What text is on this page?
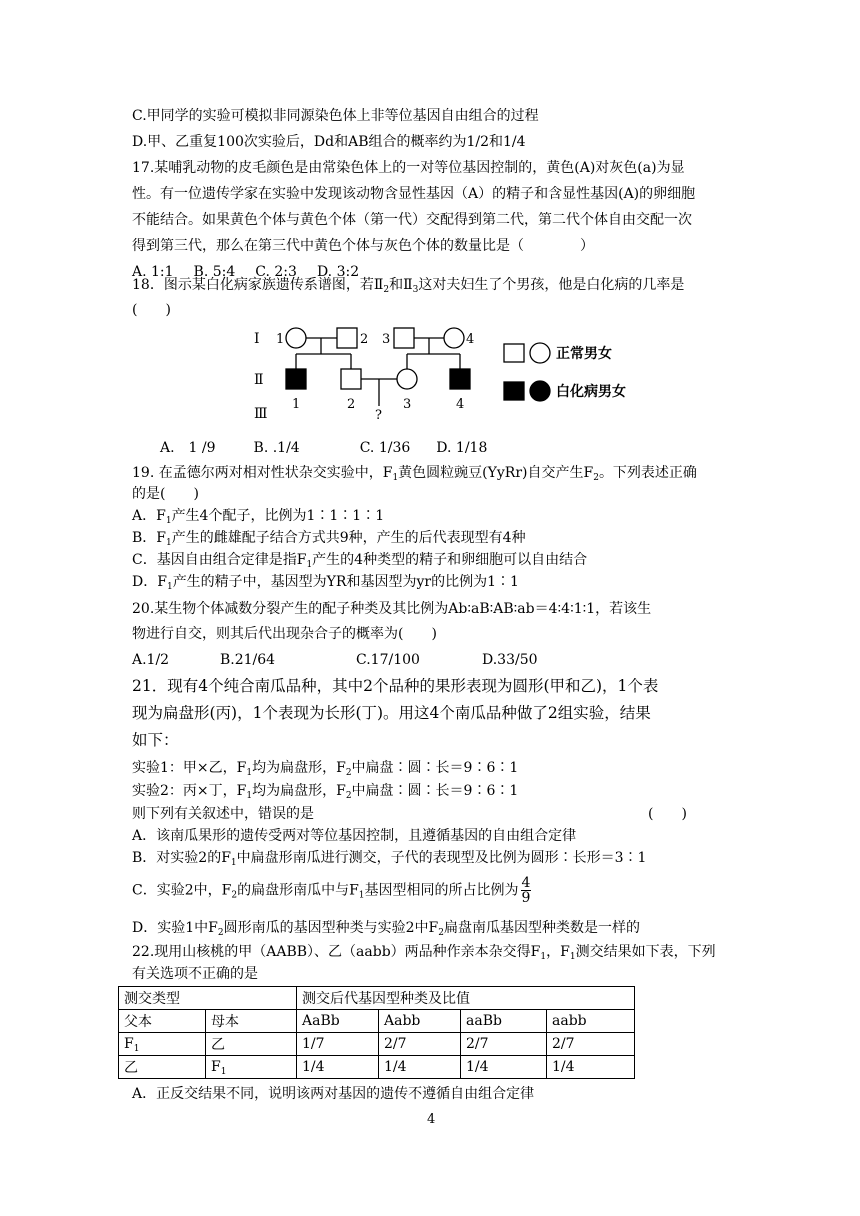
C.甲同学的实验可模拟非同源染色体上非等位基因自由组合的过程
D.甲、乙重复100次实验后，Dd和AB组合的概率约为1/2和1/4
17.某哺乳动物的皮毛颜色是由常染色体上的一对等位基因控制的，黄色(A)对灰色(a)为显
性。有一位遗传学家在实验中发现该动物含显性基因（A）的精子和含显性基因(A)的卵细胞
不能结合。如果黄色个体与黄色个体（第一代）交配得到第二代，第二代个体自由交配一次
得到第三代，那么在第三代中黄色个体与灰色个体的数量比是（　　　　）
A. 1:1 B. 5:4 C. 2:3 D. 3:2
18．图示某白化病家族遗传系谱图，若$Ⅱ_2$和$Ⅱ_3$这对夫妇生了个男孩，他是白化病的几率是
(　　)
Ⅰ
Ⅱ
Ⅲ
1	2 3	4
1	2	3	4
?
正常男女
白化病男女
A.　1 /9	B. .1/4	C. 1/36 D. 1/18
19. 在孟德尔两对相对性状杂交实验中，$F_1$黄色圆粒豌豆(YyRr)自交产生$F_2$。下列表述正确
的是(　　)
A．$F_1$产生4个配子，比例为1∶1∶1∶1
B．$F_1$产生的雌雄配子结合方式共9种，产生的后代表现型有4种
C．基因自由组合定律是指$F_1$产生的4种类型的精子和卵细胞可以自由结合
D．$F_1$产生的精子中，基因型为YR和基因型为yr的比例为1∶1
20.某生物个体减数分裂产生的配子种类及其比例为Ab∶aB∶AB∶ab＝4∶4∶1∶1，若该生
物进行自交，则其后代出现杂合子的概率为(　　)
A.1/2	B.21/64	C.17/100	D.33/50
21．现有4个纯合南瓜品种，其中2个品种的果形表现为圆形(甲和乙)，1个表
现为扁盘形(丙)，1个表现为长形(丁)。用这4个南瓜品种做了2组实验，结果
如下：
实验1：甲×乙，$F_1$均为扁盘形，$F_2$中扁盘∶圆∶长＝9∶6∶1
实验2：丙×丁，$F_1$均为扁盘形，$F_2$中扁盘∶圆∶长＝9∶6∶1
则下列有关叙述中，错误的是	(　　)
A．该南瓜果形的遗传受两对等位基因控制，且遵循基因的自由组合定律
B．对实验2的$F_1$中扁盘形南瓜进行测交，子代的表现型及比例为圆形∶长形＝3∶1
C．实验2中，$F_2$的扁盘形南瓜中与$F_1$基因型相同的所占比例为 $\frac{4}{9}$
D．实验1中$F_2$圆形南瓜的基因型种类与实验2中$F_2$扁盘南瓜基因型种类数是一样的
22.现用山核桃的甲（AABB）、乙（aabb）两品种作亲本杂交得$F_1$，$F_1$测交结果如下表，下列
有关选项不正确的是
测交类型		测交后代基因型种类及比值			
父本	母本	AaBb	Aabb	aaBb	aabb
$F_1$	乙	1/7	2/7	2/7	2/7
乙	$F_1$	1/4	1/4	1/4	1/4
A．正反交结果不同，说明该两对基因的遗传不遵循自由组合定律
4
